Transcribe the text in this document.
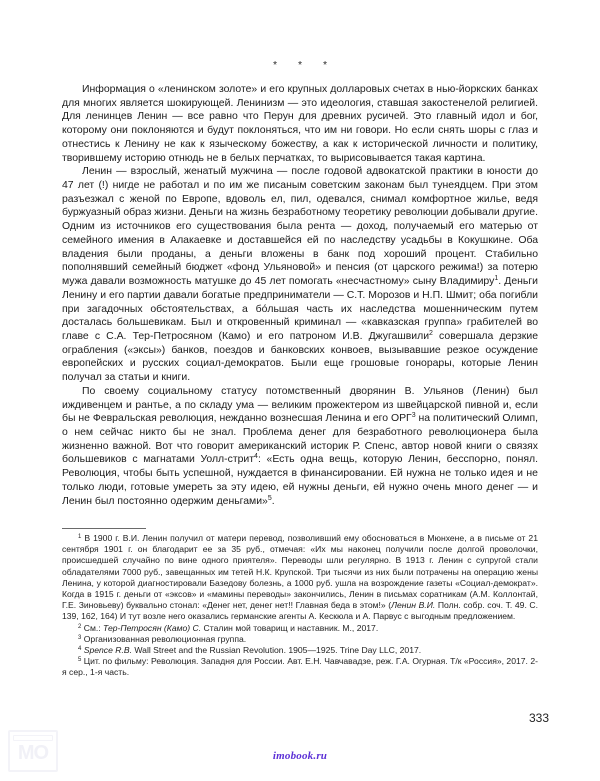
* * *

Информация о «ленинском золоте» и его крупных долларовых счетах в нью-йоркских банках для многих является шокирующей. Ленинизм — это идеология, ставшая закостенелой религией. Для ленинцев Ленин — все равно что Перун для древних русичей. Это главный идол и бог, которому они поклоняются и будут поклоняться, что им ни говори. Но если снять шоры с глаз и отнестись к Ленину не как к языческому божеству, а как к исторической личности и политику, творившему историю отнюдь не в белых перчатках, то вырисовывается такая картина.

Ленин — взрослый, женатый мужчина — после годовой адвокатской практики в юности до 47 лет (!) нигде не работал и по им же писаным советским законам был тунеядцем. При этом разъезжал с женой по Европе, вдоволь ел, пил, одевался, снимал комфортное жилье, ведя буржуазный образ жизни. Деньги на жизнь безработному теоретику революции добывали другие. Одним из источников его существования была рента — доход, получаемый его матерью от семейного имения в Алакаевке и доставшейся ей по наследству усадьбы в Кокушкине. Оба владения были проданы, а деньги вложены в банк под хороший процент. Стабильно пополнявший семейный бюджет «фонд Ульяновой» и пенсия (от царского режима!) за потерю мужа давали возможность матушке до 45 лет помогать «несчастному» сыну Владимиру$^1$. Деньги Ленину и его партии давали богатые предприниматели — С.Т. Морозов и Н.П. Шмит; оба погибли при загадочных обстоятельствах, а бо́льшая часть их наследства мошенническим путем досталась большевикам. Был и откровенный криминал — «кавказская группа» грабителей во главе с С.А. Тер-Петросяном (Камо) и его патроном И.В. Джугашвили$^2$ совершала дерзкие ограбления («эксы») банков, поездов и банковских конвоев, вызывавшие резкое осуждение европейских и русских социал-демократов. Были еще грошовые гонорары, которые Ленин получал за статьи и книги.

По своему социальному статусу потомственный дворянин В. Ульянов (Ленин) был иждивенцем и рантье, а по складу ума — великим прожектером из швейцарской пивной и, если бы не Февральская революция, нежданно вознесшая Ленина и его ОРГ$^3$ на политический Олимп, о нем сейчас никто бы не знал. Проблема денег для безработного революционера была жизненно важной. Вот что говорит американский историк Р. Спенс, автор новой книги о связях большевиков с магнатами Уолл-стрит$^4$: «Есть одна вещь, которую Ленин, бесспорно, понял. Революция, чтобы быть успешной, нуждается в финансировании. Ей нужна не только идея и не только люди, готовые умереть за эту идею, ей нужны деньги, ей нужно очень много денег — и Ленин был постоянно одержим деньгами»$^5$.

$^1$ В 1900 г. В.И. Ленин получил от матери перевод, позволивший ему обосноваться в Мюнхене, а в письме от 21 сентября 1901 г. он благодарит ее за 35 руб., отмечая: «Их мы наконец получили после долгой проволочки, происшедшей случайно по вине одного приятеля». Переводы шли регулярно. В 1913 г. Ленин с супругой стали обладателями 7000 руб., завещанных им тетей Н.К. Крупской. Три тысячи из них были потрачены на операцию жены Ленина, у которой диагностировали Базедову болезнь, а 1000 руб. ушла на возрождение газеты «Социал-демократ». Когда в 1915 г. деньги от «эксов» и «мамины переводы» закончились, Ленин в письмах соратникам (А.М. Коллонтай, Г.Е. Зиновьеву) буквально стонал: «Денег нет, денег нет!! Главная беда в этом!» (Ленин В.И. Полн. собр. соч. Т. 49. С. 139, 162, 164) И тут возле него оказались германские агенты А. Кескюла и А. Парвус с выгодным предложением.

$^2$ См.: Тер-Петросян (Камо) С. Сталин мой товарищ и наставник. М., 2017.

$^3$ Организованная революционная группа.

$^4$ Spence R.B. Wall Street and the Russian Revolution. 1905—1925. Trine Day LLC, 2017.

$^5$ Цит. по фильму: Революция. Западня для России. Авт. Е.Н. Чавчавадзе, реж. Г.А. Огурная. Т/к «Россия», 2017. 2-я сер., 1-я часть.

333
imobook.ru
MO
